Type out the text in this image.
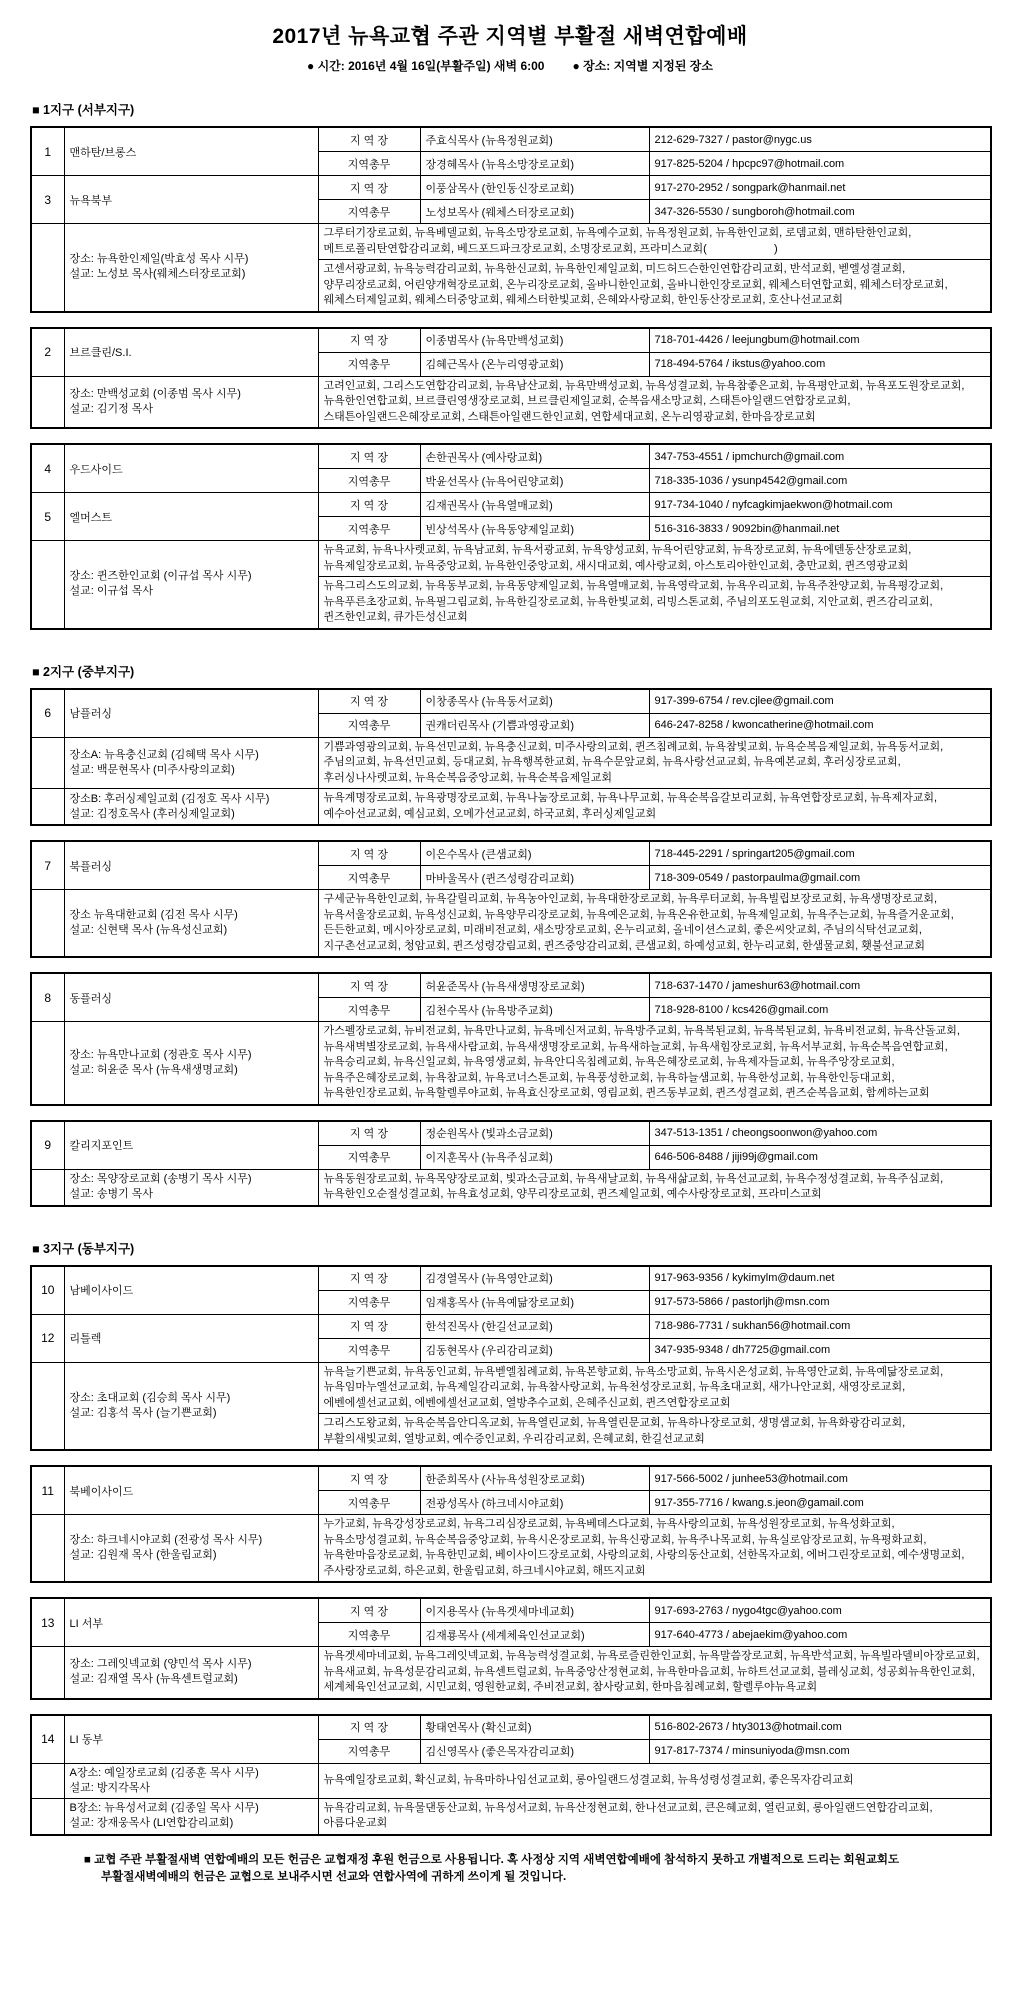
2017년 뉴욕교협 주관 지역별 부활절 새벽연합예배
● 시간: 2016년 4월 16일(부활주일) 새벽 6:00 ● 장소: 지역별 지정된 장소
■ 1지구 (서부지구)
1	맨하탄/브롱스	지 역 장	주효식목사 (뉴욕정원교회)	212-629-7327 / pastor@nygc.us
		지역총무	장경혜목사 (뉴욕소망장로교회)	917-825-5204 / hpcpc97@hotmail.com
3	뉴욕북부	지 역 장	이풍삼목사 (한인동신장로교회)	917-270-2952 / songpark@hanmail.net
		지역총무	노성보목사 (웨체스터장로교회)	347-326-5530 / sungboroh@hotmail.com

	장소: 뉴욕한인제일(박효성 목사 시무)
설교: 노성보 목사(웨체스터장로교회)	그루터기장로교회, 뉴욕베델교회, 뉴욕소망장로교회, 뉴욕예수교회, 뉴욕정원교회, 뉴욕한인교회, 로뎀교회, 맨하탄한인교회, 메트로폴리탄연합감리교회, 베드포드파크장로교회, 소명장로교회, 프라미스교회(                      )		
		고센서광교회, 뉴욕능력감리교회, 뉴욕한신교회, 뉴욕한인제일교회, 미드허드슨한인연합감리교회, 반석교회, 벧엘성결교회, 양무리장로교회, 어린양개혁장로교회, 온누리장로교회, 올바니한인교회, 올바니한인장로교회, 웨체스터연합교회, 웨체스터장로교회, 웨체스터제일교회, 웨체스터중앙교회, 웨체스터한빛교회, 은혜와사랑교회, 한인동산장로교회, 호산나선교교회		
2	브르클린/S.I.	지 역 장	이종범목사 (뉴욕만백성교회)	718-701-4426 / leejungbum@hotmail.com
		지역총무	김혜근목사 (온누리영광교회)	718-494-5764 / ikstus@yahoo.com

	장소: 만백성교회 (이종범 목사 시무)
설교: 김기정 목사	고려인교회, 그리스도연합감리교회, 뉴욕남산교회, 뉴욕만백성교회, 뉴욕성결교회, 뉴욕참좋은교회, 뉴욕평안교회, 뉴욕포도원장로교회, 뉴욕한인연합교회, 브르클린영생장로교회, 브르클린제일교회, 순복음새소망교회, 스태튼아일랜드연합장로교회, 스태튼아일랜드은혜장로교회, 스태튼아일랜드한인교회, 연합세대교회, 온누리영광교회, 한마음장로교회		
4	우드사이드	지 역 장	손한권목사 (예사랑교회)	347-753-4551 / ipmchurch@gmail.com
		지역총무	박윤선목사 (뉴욕어린양교회)	718-335-1036 / ysunp4542@gmail.com
5	엘머스트	지 역 장	김재권목사 (뉴욕열매교회)	917-734-1040 / nyfcagkimjaekwon@hotmail.com
		지역총무	빈상석목사 (뉴욕동양제일교회)	516-316-3833 / 9092bin@hanmail.net

	장소: 퀸즈한인교회 (이규섭 목사 시무)
설교: 이규섭 목사	뉴욕교회, 뉴욕나사렛교회, 뉴욕남교회, 뉴욕서광교회, 뉴욕양성교회, 뉴욕어린양교회, 뉴욕장로교회, 뉴욕에덴동산장로교회, 뉴욕제일장로교회, 뉴욕중앙교회, 뉴욕한인중앙교회, 새시대교회, 예사랑교회, 아스토리아한인교회, 충만교회, 퀸즈영광교회		
		뉴욕그리스도의교회, 뉴욕동부교회, 뉴욕동양제일교회, 뉴욕열매교회, 뉴욕영락교회, 뉴욕우리교회, 뉴욕주찬양교회, 뉴욕평강교회, 뉴욕푸른초장교회, 뉴욕필그림교회, 뉴욕한길장로교회, 뉴욕한빛교회, 리빙스톤교회, 주님의포도원교회, 지안교회, 퀸즈감리교회, 퀸즈한인교회, 큐가든성신교회		
■ 2지구 (중부지구)
6	남플러싱	지 역 장	이창종목사 (뉴욕동서교회)	917-399-6754 / rev.cjlee@gmail.com
		지역총무	권캐더린목사 (기쁨과영광교회)	646-247-8258 / kwoncatherine@hotmail.com

	장소A: 뉴욕충신교회 (김혜택 목사 시무)
설교: 백문현목사 (미주사랑의교회)	기쁨과영광의교회, 뉴욕선민교회, 뉴욕충신교회, 미주사랑의교회, 퀸즈침례교회, 뉴욕참빛교회, 뉴욕순복음제일교회, 뉴욕동서교회, 주님의교회, 뉴욕선민교회, 등대교회, 뉴욕행복한교회, 뉴욕수문앞교회, 뉴욕사랑선교교회, 뉴욕예본교회, 후러싱장로교회, 후러싱나사렛교회, 뉴욕순복음중앙교회, 뉴욕순복음제일교회		

	장소B: 후러싱제일교회 (김정호 목사 시무)
설교: 김정호목사 (후러싱제일교회)	뉴욕계명장로교회, 뉴욕광명장로교회, 뉴욕나눔장로교회, 뉴욕나무교회, 뉴욕순복음갈보리교회, 뉴욕연합장로교회, 뉴욕제자교회, 예수아선교교회, 예심교회, 오메가선교교회, 하국교회, 후러싱제일교회		
7	북플러싱	지 역 장	이은수목사 (큰샘교회)	718-445-2291 / springart205@gmail.com
		지역총무	마바울목사 (퀸즈성령감리교회)	718-309-0549 / pastorpaulma@gmail.com

	장소 뉴욕대한교회 (김전 목사 시무)
설교: 신현택 목사 (뉴욕성신교회)	구세군뉴욕한인교회, 뉴욕갈릴리교회, 뉴욕농아인교회, 뉴욕대한장로교회, 뉴욕루터교회, 뉴욕빌립보장로교회, 뉴욕생명장로교회, 뉴욕서울장로교회, 뉴욕성신교회, 뉴욕양무리장로교회, 뉴욕예은교회, 뉴욕온유한교회, 뉴욕제일교회, 뉴욕주는교회, 뉴욕즐거운교회, 든든한교회, 메시아장로교회, 미래비전교회, 새소망장로교회, 온누리교회, 올네이션스교회, 좋은씨앗교회, 주님의식탁선교교회, 지구촌선교교회, 청암교회, 퀸즈성령강림교회, 퀸즈중앙감리교회, 큰샘교회, 하예성교회, 한누리교회, 한샘물교회, 횃불선교교회		
8	동플러싱	지 역 장	허윤준목사 (뉴욕새생명장로교회)	718-637-1470 / jameshur63@hotmail.com
		지역총무	김천수목사 (뉴욕방주교회)	718-928-8100 / kcs426@gmail.com

	장소: 뉴욕만나교회 (정관호 목사 시무)
설교: 허윤준 목사 (뉴욕새생명교회)	가스펠장로교회, 뉴비전교회, 뉴욕만나교회, 뉴욕메신저교회, 뉴욕방주교회, 뉴욕복된교회, 뉴욕복된교회, 뉴욕비전교회, 뉴욕산돌교회, 뉴욕새벽별장로교회, 뉴욕새사람교회, 뉴욕새생명장로교회, 뉴욕새하늘교회, 뉴욕새힘장로교회, 뉴욕서부교회, 뉴욕순복음연합교회, 뉴욕승리교회, 뉴욕신일교회, 뉴욕영생교회, 뉴욕안디옥침례교회, 뉴욕은혜장로교회, 뉴욕제자들교회, 뉴욕주앙장로교회, 뉴욕주은혜장로교회, 뉴욕참교회, 뉴욕코너스톤교회, 뉴욕풍성한교회, 뉴욕하늘샘교회, 뉴욕한성교회, 뉴욕한인등대교회, 뉴욕한인장로교회, 뉴욕할렐루야교회, 뉴욕효신장로교회, 영림교회, 퀸즈동부교회, 퀸즈성결교회, 퀸즈순복음교회, 함께하는교회		
9	칼리지포인트	지 역 장	정순원목사 (빛과소금교회)	347-513-1351 / cheongsoonwon@yahoo.com
		지역총무	이지훈목사 (뉴욕주심교회)	646-506-8488 / jiji99j@gmail.com

	장소: 목양장로교회 (송병기 목사 시무)
설교: 송병기 목사	뉴욕동원장로교회, 뉴욕목양장로교회, 빛과소금교회, 뉴욕새날교회, 뉴욕새삶교회, 뉴욕선교교회, 뉴욕수정성결교회, 뉴욕주심교회, 뉴욕한인오순절성결교회, 뉴욕효성교회, 양무리장로교회, 퀸즈제일교회, 예수사랑장로교회, 프라미스교회		
■ 3지구 (동부지구)
10	남베이사이드	지 역 장	김경열목사 (뉴욕영안교회)	917-963-9356 / kykimylm@daum.net
		지역총무	임재홍목사 (뉴욕예닮장로교회)	917-573-5866 / pastorljh@msn.com
12	리틀렉	지 역 장	한석진목사 (한길선교교회)	718-986-7731 / sukhan56@hotmail.com
		지역총무	김동현목사 (우리감리교회)	347-935-9348 / dh7725@gmail.com

	장소: 초대교회 (김승희 목사 시무)
설교: 김홍석 목사 (늘기쁜교회)	뉴욕늘기쁜교회, 뉴욕동인교회, 뉴욕벧엘침례교회, 뉴욕본향교회, 뉴욕소망교회, 뉴욕시온성교회, 뉴욕영안교회, 뉴욕예닮장로교회, 뉴욕임마누엘선교교회, 뉴욕제일감리교회, 뉴욕참사랑교회, 뉴욕천성장로교회, 뉴욕초대교회, 새가나안교회, 새영장로교회, 에벤에셀선교교회, 에벤에셀선교교회, 열방추수교회, 은혜주신교회, 퀸즈연합장로교회		
		그리스도왕교회, 뉴욕순복음안디옥교회, 뉴욕열린교회, 뉴욕열린문교회, 뉴욕하나장로교회, 생명샘교회, 뉴욕화광감리교회, 부활의새빛교회, 열방교회, 예수증인교회, 우리감리교회, 은혜교회, 한길선교교회		
11	북베이사이드	지 역 장	한준희목사 (사뉴욕성원장로교회)	917-566-5002 / junhee53@hotmail.com
		지역총무	전광성목사 (하크네시야교회)	917-355-7716 / kwang.s.jeon@gamail.com

	장소: 하크네시야교회 (전광성 목사 시무)
설교: 김원재 목사 (한울림교회)	누가교회, 뉴욕강성장로교회, 뉴욕그리심장로교회, 뉴욕베데스다교회, 뉴욕사랑의교회, 뉴욕성원장로교회, 뉴욕성화교회, 뉴욕소망성결교회, 뉴욕순복음중앙교회, 뉴욕시온장로교회, 뉴욕신광교회, 뉴욕주나목교회, 뉴욕실로암장로교회, 뉴욕평화교회, 뉴욕한마음장로교회, 뉴욕한민교회, 베이사이드장로교회, 사랑의교회, 사랑의동산교회, 선한목자교회, 에버그린장로교회, 예수생명교회, 주사랑장로교회, 하은교회, 한울림교회, 하크네시야교회, 해뜨지교회		
13	LI 서부	지 역 장	이지용목사 (뉴욕겟세마네교회)	917-693-2763 / nygo4tgc@yahoo.com
		지역총무	김재룡목사 (세계체육인선교교회)	917-640-4773 / abejaekim@yahoo.com

	장소: 그레잇넥교회 (양민석 목사 시무)
설교: 김재열 목사 (뉴욕센트럴교회)	뉴욕겟세마네교회, 뉴욕그레잇넥교회, 뉴욕능력성결교회, 뉴욕로즐린한인교회, 뉴욕말씀장로교회, 뉴욕반석교회, 뉴욕빌라델비아장로교회, 뉴욕새교회, 뉴욕성문감리교회, 뉴욕센트럴교회, 뉴욕중앙산정현교회, 뉴욕한마음교회, 뉴하트선교교회, 블레싱교회, 성공회뉴욕한인교회, 세계체육인선교교회, 시민교회, 영원한교회, 주비전교회, 참사랑교회, 한마음침례교회, 할렐루야뉴욕교회		
14	LI 동부	지 역 장	황태연목사 (확신교회)	516-802-2673 / hty3013@hotmail.com
		지역총무	김신영목사 (좋은목자감리교회)	917-817-7374 / minsuniyoda@msn.com

	A장소: 예일장로교회 (김종훈 목사 시무)
설교: 방지각목사	뉴욕예일장로교회, 확신교회, 뉴욕마하나임선교교회, 롱아일랜드성결교회, 뉴욕성령성결교회, 좋은목자감리교회		

	B장소: 뉴욕성서교회 (김종일 목사 시무)
설교: 장재웅목사 (LI연합감리교회)	뉴욕감리교회, 뉴욕물댄동산교회, 뉴욕성서교회, 뉴욕산정현교회, 한나선교교회, 큰은혜교회, 열린교회, 롱아일랜드연합감리교회, 아름다운교회		
■ 교협 주관 부활절새벽 연합예배의 모든 헌금은 교협재정 후원 헌금으로 사용됩니다. 혹 사정상 지역 새벽연합예배에 참석하지 못하고 개별적으로 드리는 회원교회도 부활절새벽예배의 헌금은 교협으로 보내주시면 선교와 연합사역에 귀하게 쓰이게 될 것입니다.
